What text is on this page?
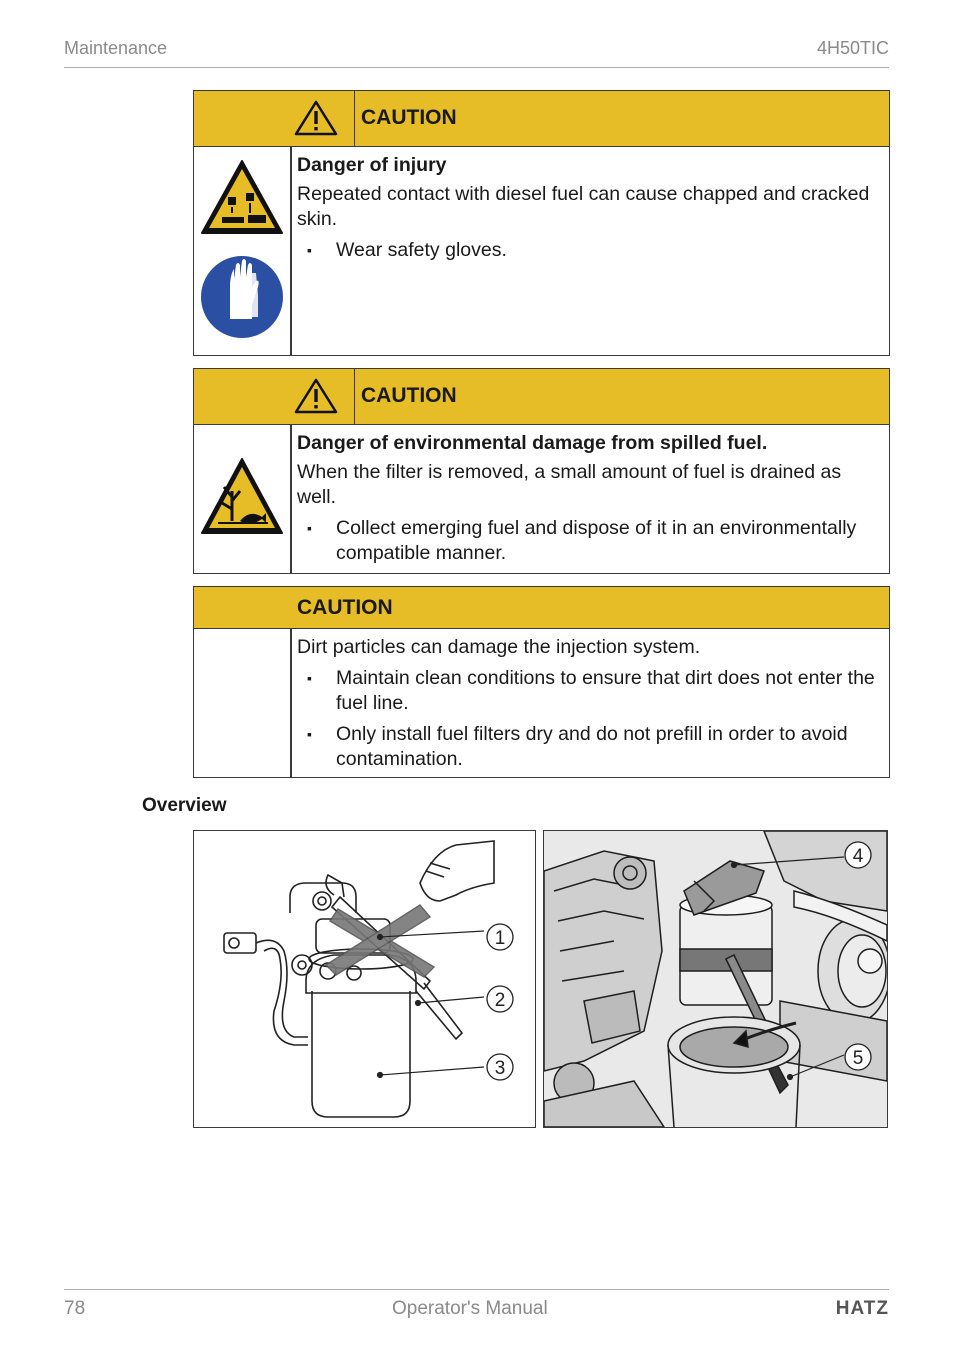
Maintenance	4H50TIC
CAUTION
Danger of injury
Repeated contact with diesel fuel can cause chapped and cracked skin.
▪ Wear safety gloves.
CAUTION
Danger of environmental damage from spilled fuel.
When the filter is removed, a small amount of fuel is drained as well.
▪ Collect emerging fuel and dispose of it in an environmentally compatible manner.
CAUTION
Dirt particles can damage the injection system.
▪ Maintain clean conditions to ensure that dirt does not enter the fuel line.
▪ Only install fuel filters dry and do not prefill in order to avoid contamination.
Overview
1
2
3
4
5
78	Operator's Manual	HATZ
